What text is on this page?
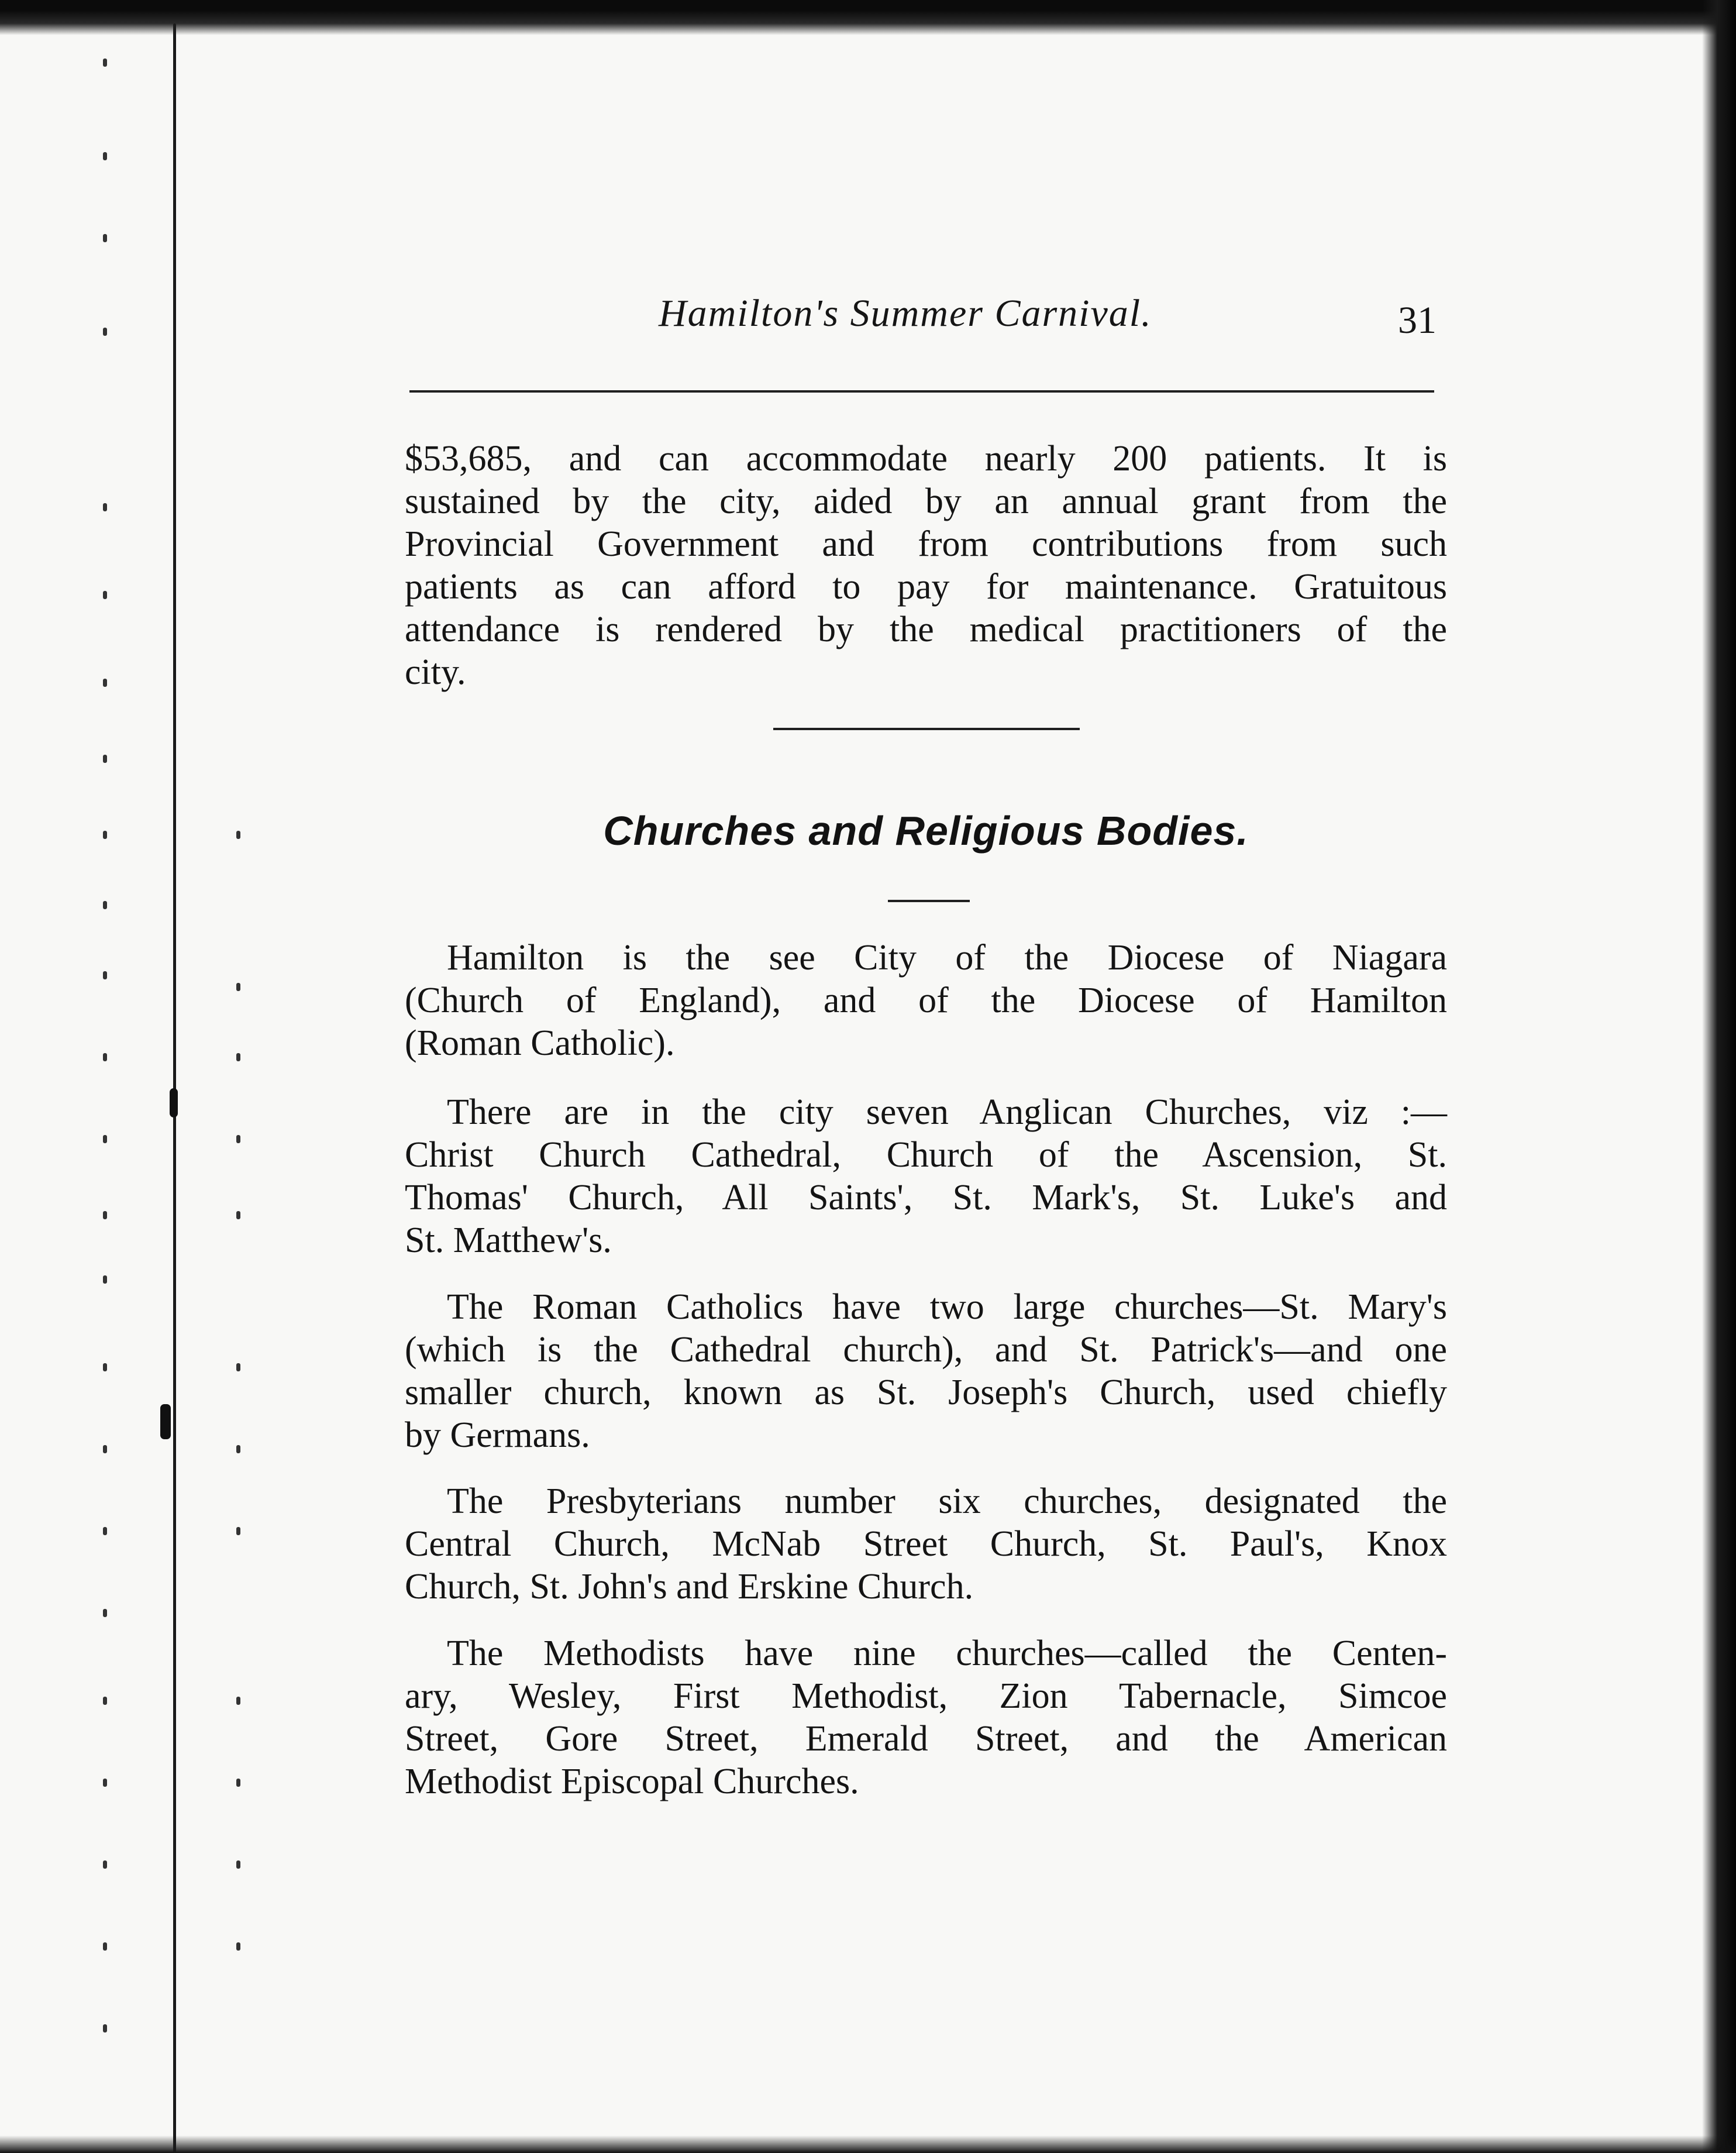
Hamilton's Summer Carnival.	31
$53,685, and can accommodate nearly 200 patients. It is
sustained by the city, aided by an annual grant from the
Provincial Government and from contributions from such
patients as can afford to pay for maintenance. Gratuitous
attendance is rendered by the medical practitioners of the
city.
Churches and Religious Bodies.
Hamilton is the see City of the Diocese of Niagara
(Church of England), and of the Diocese of Hamilton
(Roman Catholic).
There are in the city seven Anglican Churches, viz :—
Christ Church Cathedral, Church of the Ascension, St.
Thomas' Church, All Saints', St. Mark's, St. Luke's and
St. Matthew's.
The Roman Catholics have two large churches—St. Mary's
(which is the Cathedral church), and St. Patrick's—and one
smaller church, known as St. Joseph's Church, used chiefly
by Germans.
The Presbyterians number six churches, designated the
Central Church, McNab Street Church, St. Paul's, Knox
Church, St. John's and Erskine Church.
The Methodists have nine churches—called the Centen-
ary, Wesley, First Methodist, Zion Tabernacle, Simcoe
Street, Gore Street, Emerald Street, and the American
Methodist Episcopal Churches.
